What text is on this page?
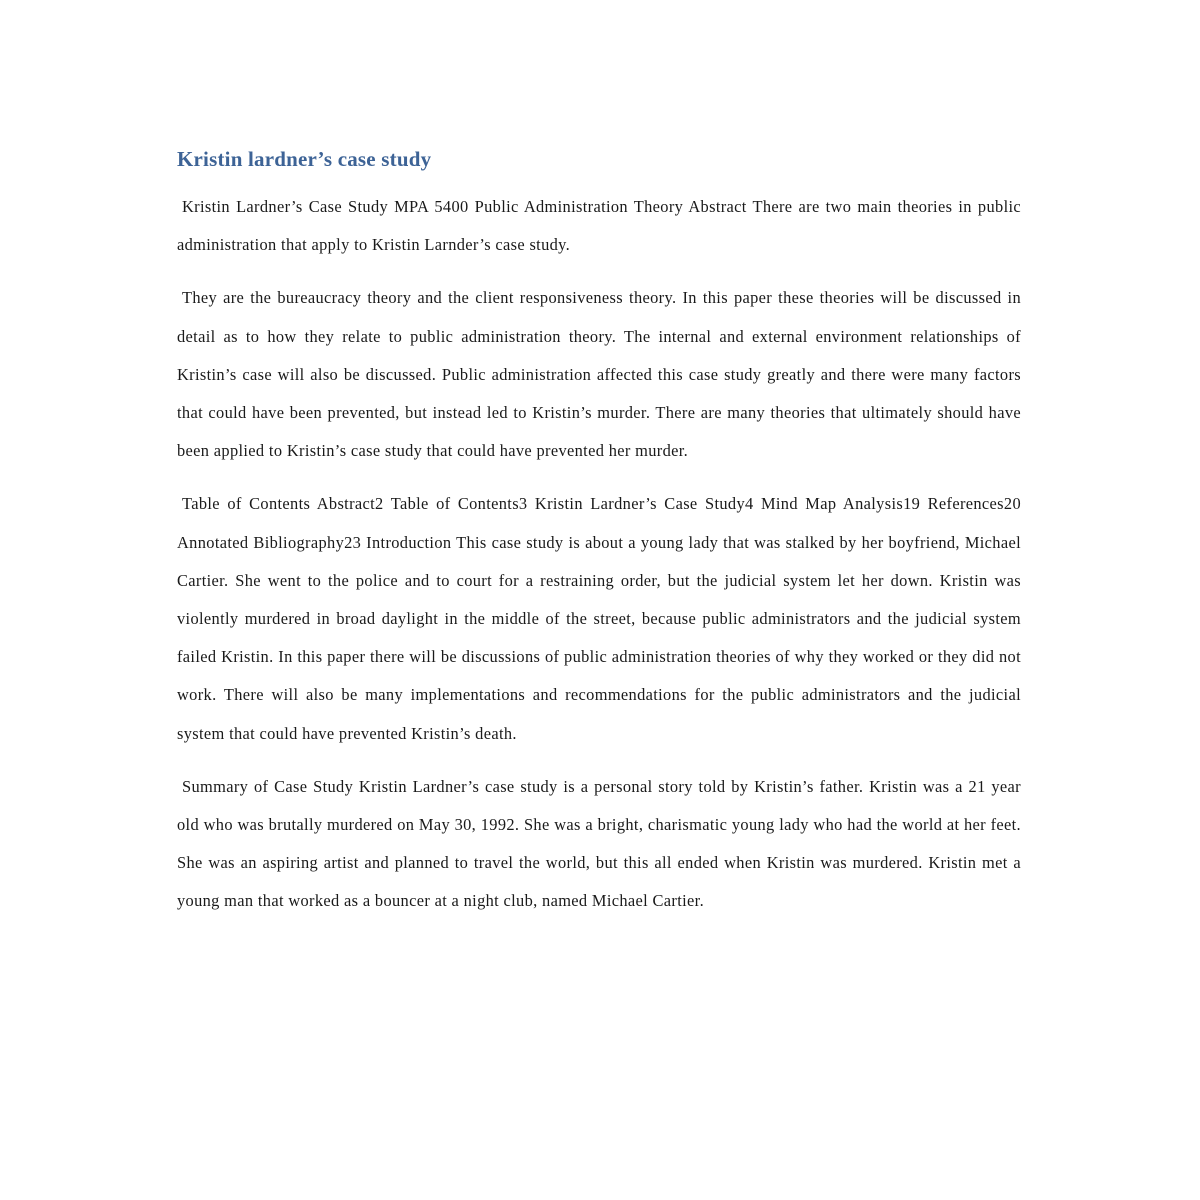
Kristin lardner’s case study

Kristin Lardner’s Case Study MPA 5400 Public Administration Theory Abstract There are two main theories in public administration that apply to Kristin Larnder’s case study.

They are the bureaucracy theory and the client responsiveness theory. In this paper these theories will be discussed in detail as to how they relate to public administration theory. The internal and external environment relationships of Kristin’s case will also be discussed. Public administration affected this case study greatly and there were many factors that could have been prevented, but instead led to Kristin’s murder. There are many theories that ultimately should have been applied to Kristin’s case study that could have prevented her murder.

Table of Contents Abstract2 Table of Contents3 Kristin Lardner’s Case Study4 Mind Map Analysis19 References20 Annotated Bibliography23 Introduction This case study is about a young lady that was stalked by her boyfriend, Michael Cartier. She went to the police and to court for a restraining order, but the judicial system let her down. Kristin was violently murdered in broad daylight in the middle of the street, because public administrators and the judicial system failed Kristin. In this paper there will be discussions of public administration theories of why they worked or they did not work. There will also be many implementations and recommendations for the public administrators and the judicial system that could have prevented Kristin’s death.

Summary of Case Study Kristin Lardner’s case study is a personal story told by Kristin’s father. Kristin was a 21 year old who was brutally murdered on May 30, 1992. She was a bright, charismatic young lady who had the world at her feet. She was an aspiring artist and planned to travel the world, but this all ended when Kristin was murdered. Kristin met a young man that worked as a bouncer at a night club, named Michael Cartier.
